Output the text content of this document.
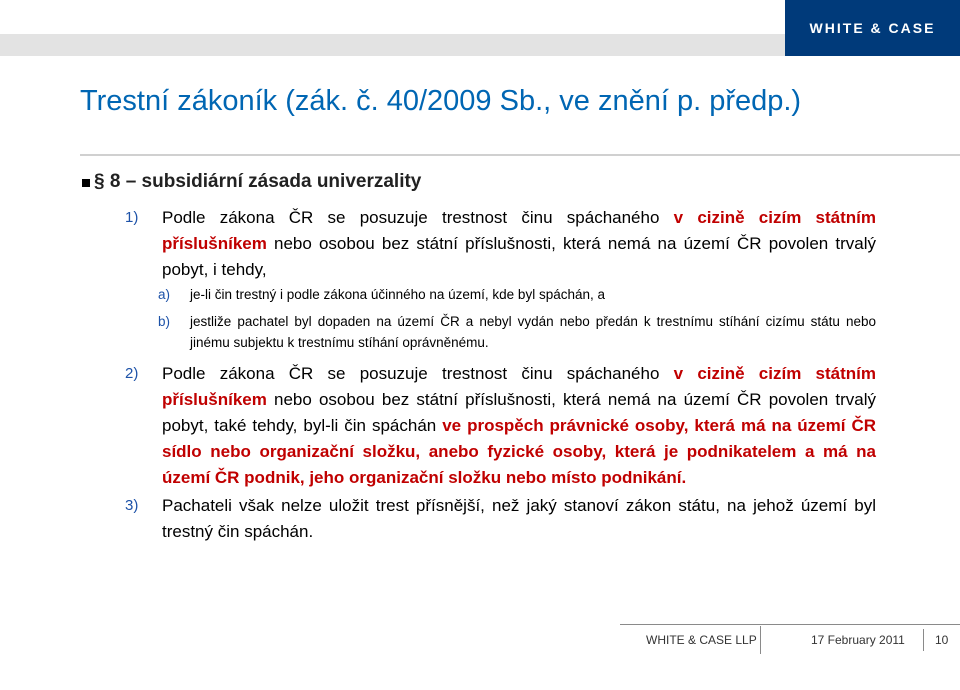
WHITE & CASE
Trestní zákoník (zák. č. 40/2009 Sb., ve znění p. předp.)
§ 8 – subsidiární zásada univerzality
1) Podle zákona ČR se posuzuje trestnost činu spáchaného v cizině cizím státním příslušníkem nebo osobou bez státní příslušnosti, která nemá na území ČR povolen trvalý pobyt, i tehdy,
a) je-li čin trestný i podle zákona účinného na území, kde byl spáchán, a
b) jestliže pachatel byl dopaden na území ČR a nebyl vydán nebo předán k trestnímu stíhání cizímu státu nebo jinému subjektu k trestnímu stíhání oprávněnému.
2) Podle zákona ČR se posuzuje trestnost činu spáchaného v cizině cizím státním příslušníkem nebo osobou bez státní příslušnosti, která nemá na území ČR povolen trvalý pobyt, také tehdy, byl-li čin spáchán ve prospěch právnické osoby, která má na území ČR sídlo nebo organizační složku, anebo fyzické osoby, která je podnikatelem a má na území ČR podnik, jeho organizační složku nebo místo podnikání.
3) Pachateli však nelze uložit trest přísnější, než jaký stanoví zákon státu, na jehož území byl trestný čin spáchán.
WHITE & CASE LLP	17 February 2011	10
